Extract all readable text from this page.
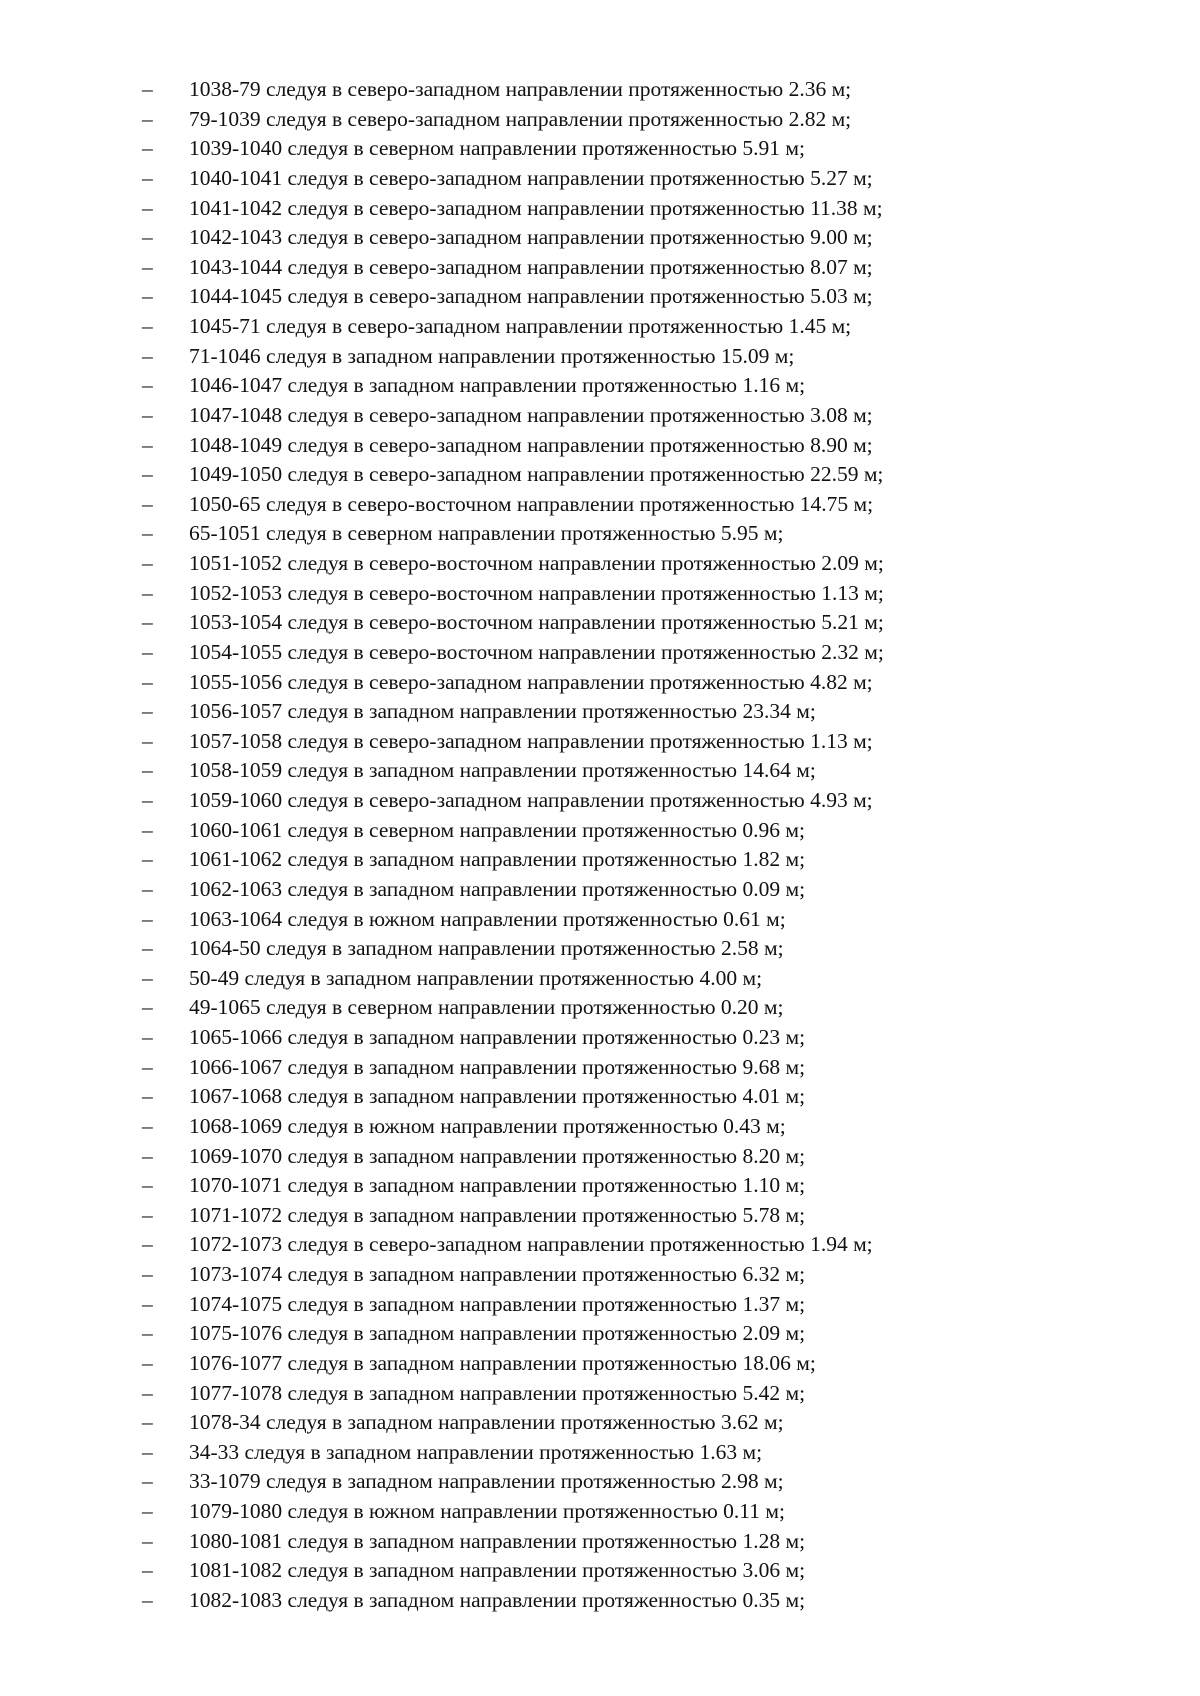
– 1038-79 следуя в северо-западном направлении протяженностью 2.36 м;
– 79-1039 следуя в северо-западном направлении протяженностью 2.82 м;
– 1039-1040 следуя в северном направлении протяженностью 5.91 м;
– 1040-1041 следуя в северо-западном направлении протяженностью 5.27 м;
– 1041-1042 следуя в северо-западном направлении протяженностью 11.38 м;
– 1042-1043 следуя в северо-западном направлении протяженностью 9.00 м;
– 1043-1044 следуя в северо-западном направлении протяженностью 8.07 м;
– 1044-1045 следуя в северо-западном направлении протяженностью 5.03 м;
– 1045-71 следуя в северо-западном направлении протяженностью 1.45 м;
– 71-1046 следуя в западном направлении протяженностью 15.09 м;
– 1046-1047 следуя в западном направлении протяженностью 1.16 м;
– 1047-1048 следуя в северо-западном направлении протяженностью 3.08 м;
– 1048-1049 следуя в северо-западном направлении протяженностью 8.90 м;
– 1049-1050 следуя в северо-западном направлении протяженностью 22.59 м;
– 1050-65 следуя в северо-восточном направлении протяженностью 14.75 м;
– 65-1051 следуя в северном направлении протяженностью 5.95 м;
– 1051-1052 следуя в северо-восточном направлении протяженностью 2.09 м;
– 1052-1053 следуя в северо-восточном направлении протяженностью 1.13 м;
– 1053-1054 следуя в северо-восточном направлении протяженностью 5.21 м;
– 1054-1055 следуя в северо-восточном направлении протяженностью 2.32 м;
– 1055-1056 следуя в северо-западном направлении протяженностью 4.82 м;
– 1056-1057 следуя в западном направлении протяженностью 23.34 м;
– 1057-1058 следуя в северо-западном направлении протяженностью 1.13 м;
– 1058-1059 следуя в западном направлении протяженностью 14.64 м;
– 1059-1060 следуя в северо-западном направлении протяженностью 4.93 м;
– 1060-1061 следуя в северном направлении протяженностью 0.96 м;
– 1061-1062 следуя в западном направлении протяженностью 1.82 м;
– 1062-1063 следуя в западном направлении протяженностью 0.09 м;
– 1063-1064 следуя в южном направлении протяженностью 0.61 м;
– 1064-50 следуя в западном направлении протяженностью 2.58 м;
– 50-49 следуя в западном направлении протяженностью 4.00 м;
– 49-1065 следуя в северном направлении протяженностью 0.20 м;
– 1065-1066 следуя в западном направлении протяженностью 0.23 м;
– 1066-1067 следуя в западном направлении протяженностью 9.68 м;
– 1067-1068 следуя в западном направлении протяженностью 4.01 м;
– 1068-1069 следуя в южном направлении протяженностью 0.43 м;
– 1069-1070 следуя в западном направлении протяженностью 8.20 м;
– 1070-1071 следуя в западном направлении протяженностью 1.10 м;
– 1071-1072 следуя в западном направлении протяженностью 5.78 м;
– 1072-1073 следуя в северо-западном направлении протяженностью 1.94 м;
– 1073-1074 следуя в западном направлении протяженностью 6.32 м;
– 1074-1075 следуя в западном направлении протяженностью 1.37 м;
– 1075-1076 следуя в западном направлении протяженностью 2.09 м;
– 1076-1077 следуя в западном направлении протяженностью 18.06 м;
– 1077-1078 следуя в западном направлении протяженностью 5.42 м;
– 1078-34 следуя в западном направлении протяженностью 3.62 м;
– 34-33 следуя в западном направлении протяженностью 1.63 м;
– 33-1079 следуя в западном направлении протяженностью 2.98 м;
– 1079-1080 следуя в южном направлении протяженностью 0.11 м;
– 1080-1081 следуя в западном направлении протяженностью 1.28 м;
– 1081-1082 следуя в западном направлении протяженностью 3.06 м;
– 1082-1083 следуя в западном направлении протяженностью 0.35 м;
